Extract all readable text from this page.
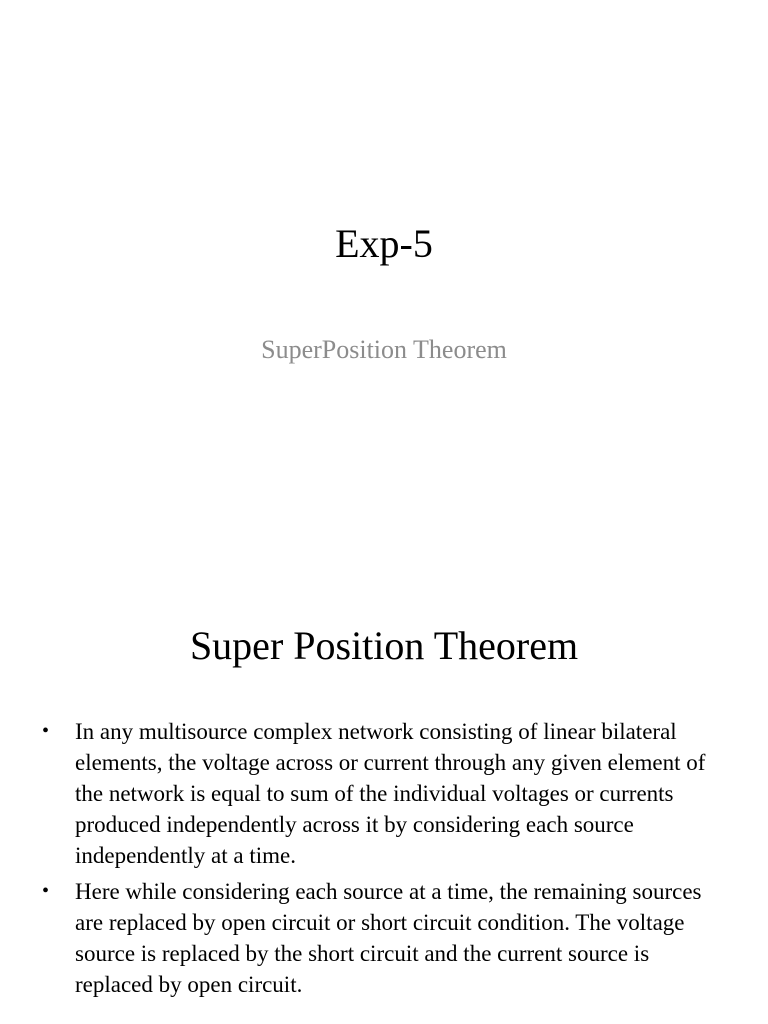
Exp-5

SuperPosition Theorem

Super Position Theorem
• In any multisource complex network consisting of linear bilateral elements, the voltage across or current through any given element of the network is equal to sum of the individual voltages or currents produced independently across it by considering each source independently at a time.
• Here while considering each source at a time, the remaining sources are replaced by open circuit or short circuit condition. The voltage source is replaced by the short circuit and the current source is replaced by open circuit.
